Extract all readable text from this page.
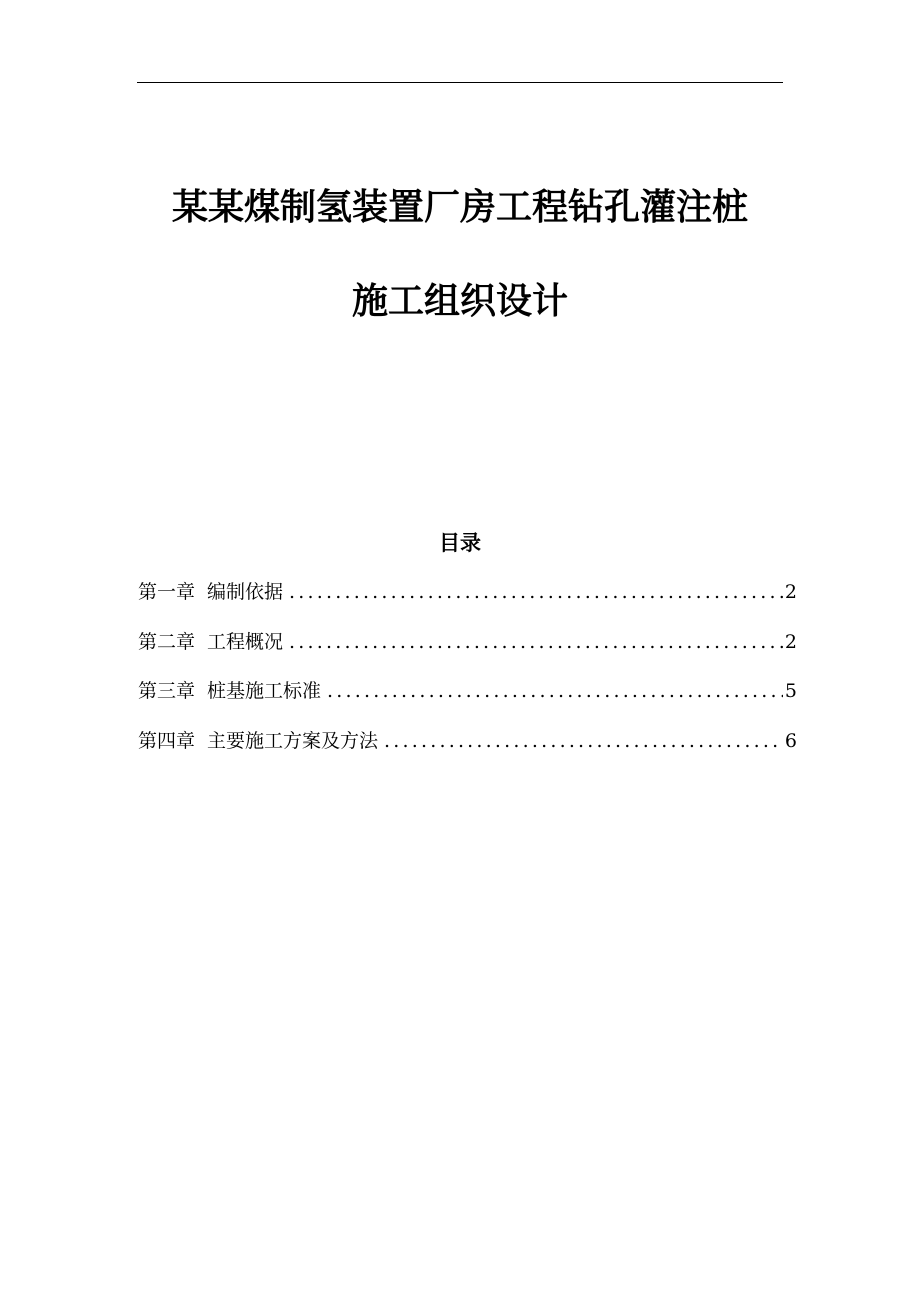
某某煤制氢装置厂房工程钻孔灌注桩
施工组织设计
目录
第一章 编制依据 .....	2
第二章 工程概况 .....	2
第三章 桩基施工标准 .....	5
第四章 主要施工方案及方法 .....	6
